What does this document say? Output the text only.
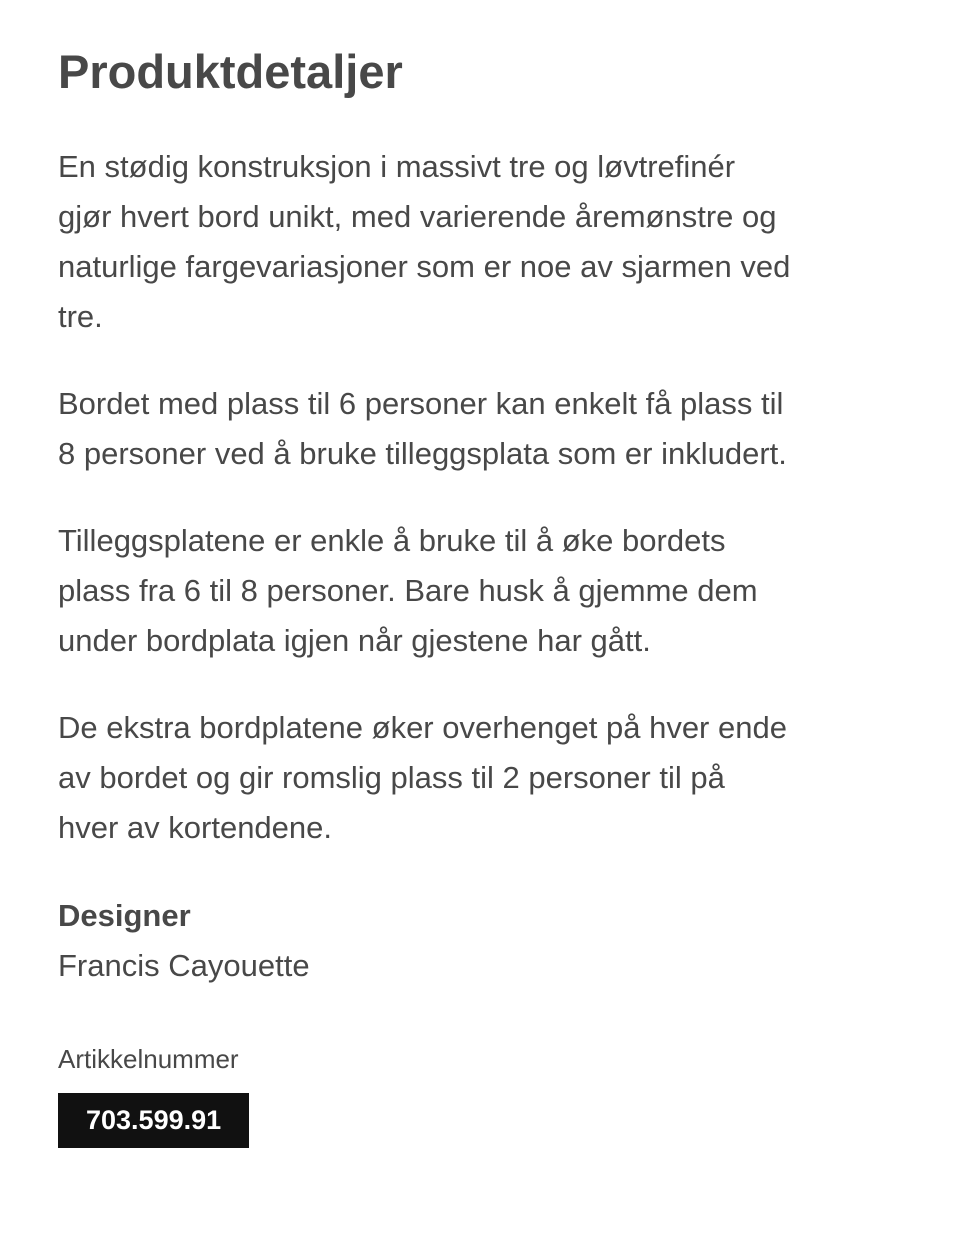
Produktdetaljer

En stødig konstruksjon i massivt tre og løvtrefinér
gjør hvert bord unikt, med varierende åremønstre og
naturlige fargevariasjoner som er noe av sjarmen ved
tre.

Bordet med plass til 6 personer kan enkelt få plass til
8 personer ved å bruke tilleggsplata som er inkludert.

Tilleggsplatene er enkle å bruke til å øke bordets
plass fra 6 til 8 personer. Bare husk å gjemme dem
under bordplata igjen når gjestene har gått.

De ekstra bordplatene øker overhenget på hver ende
av bordet og gir romslig plass til 2 personer til på
hver av kortendene.

Designer
Francis Cayouette
Artikkelnummer
703.599.91
